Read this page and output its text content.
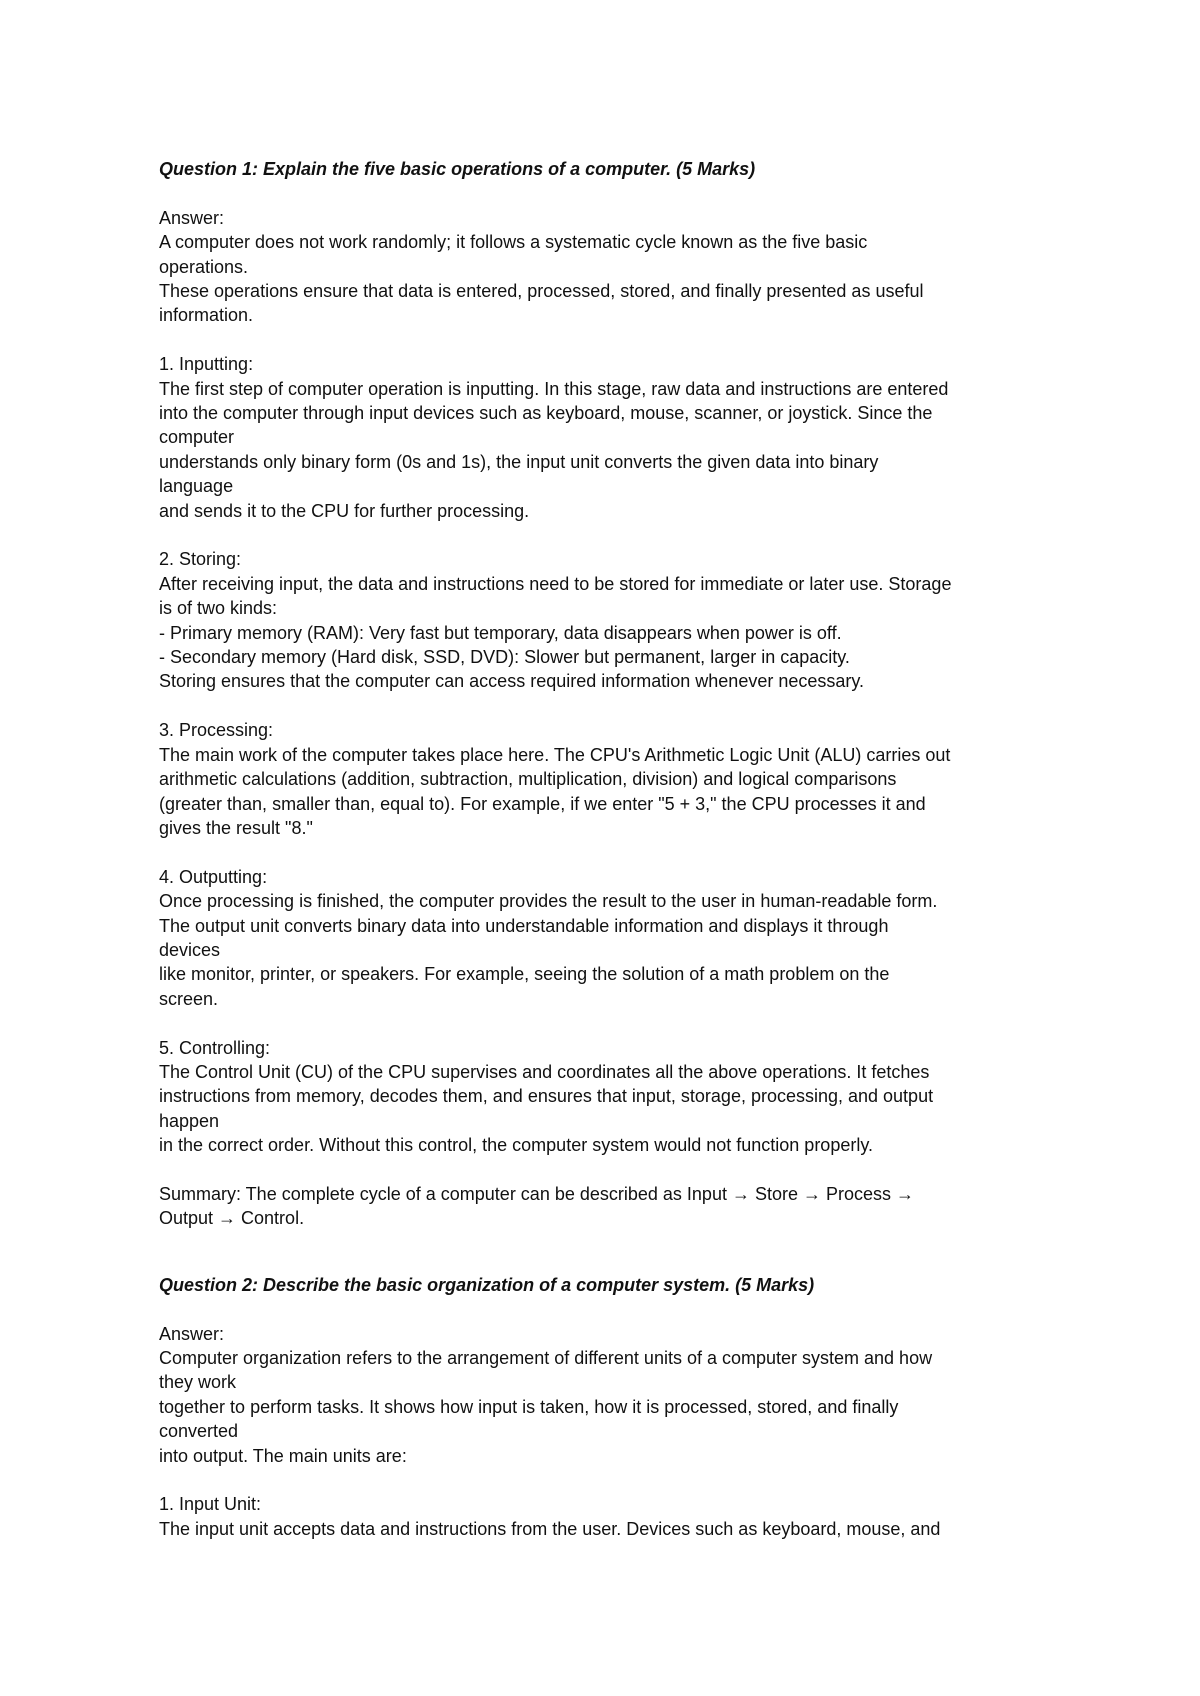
Question 1: Explain the five basic operations of a computer. (5 Marks)
Answer:
A computer does not work randomly; it follows a systematic cycle known as the five basic
operations.
These operations ensure that data is entered, processed, stored, and finally presented as useful
information.
1. Inputting:
The first step of computer operation is inputting. In this stage, raw data and instructions are entered
into the computer through input devices such as keyboard, mouse, scanner, or joystick. Since the
computer
understands only binary form (0s and 1s), the input unit converts the given data into binary
language
and sends it to the CPU for further processing.
2. Storing:
After receiving input, the data and instructions need to be stored for immediate or later use. Storage
is of two kinds:
- Primary memory (RAM): Very fast but temporary, data disappears when power is off.
- Secondary memory (Hard disk, SSD, DVD): Slower but permanent, larger in capacity.
Storing ensures that the computer can access required information whenever necessary.
3. Processing:
The main work of the computer takes place here. The CPU's Arithmetic Logic Unit (ALU) carries out
arithmetic calculations (addition, subtraction, multiplication, division) and logical comparisons
(greater than, smaller than, equal to). For example, if we enter "5 + 3," the CPU processes it and
gives the result "8."
4. Outputting:
Once processing is finished, the computer provides the result to the user in human-readable form.
The output unit converts binary data into understandable information and displays it through
devices
like monitor, printer, or speakers. For example, seeing the solution of a math problem on the
screen.
5. Controlling:
The Control Unit (CU) of the CPU supervises and coordinates all the above operations. It fetches
instructions from memory, decodes them, and ensures that input, storage, processing, and output
happen
in the correct order. Without this control, the computer system would not function properly.
Summary: The complete cycle of a computer can be described as Input → Store → Process →
Output → Control.
Question 2: Describe the basic organization of a computer system. (5 Marks)
Answer:
Computer organization refers to the arrangement of different units of a computer system and how
they work
together to perform tasks. It shows how input is taken, how it is processed, stored, and finally
converted
into output. The main units are:
1. Input Unit:
The input unit accepts data and instructions from the user. Devices such as keyboard, mouse, and
